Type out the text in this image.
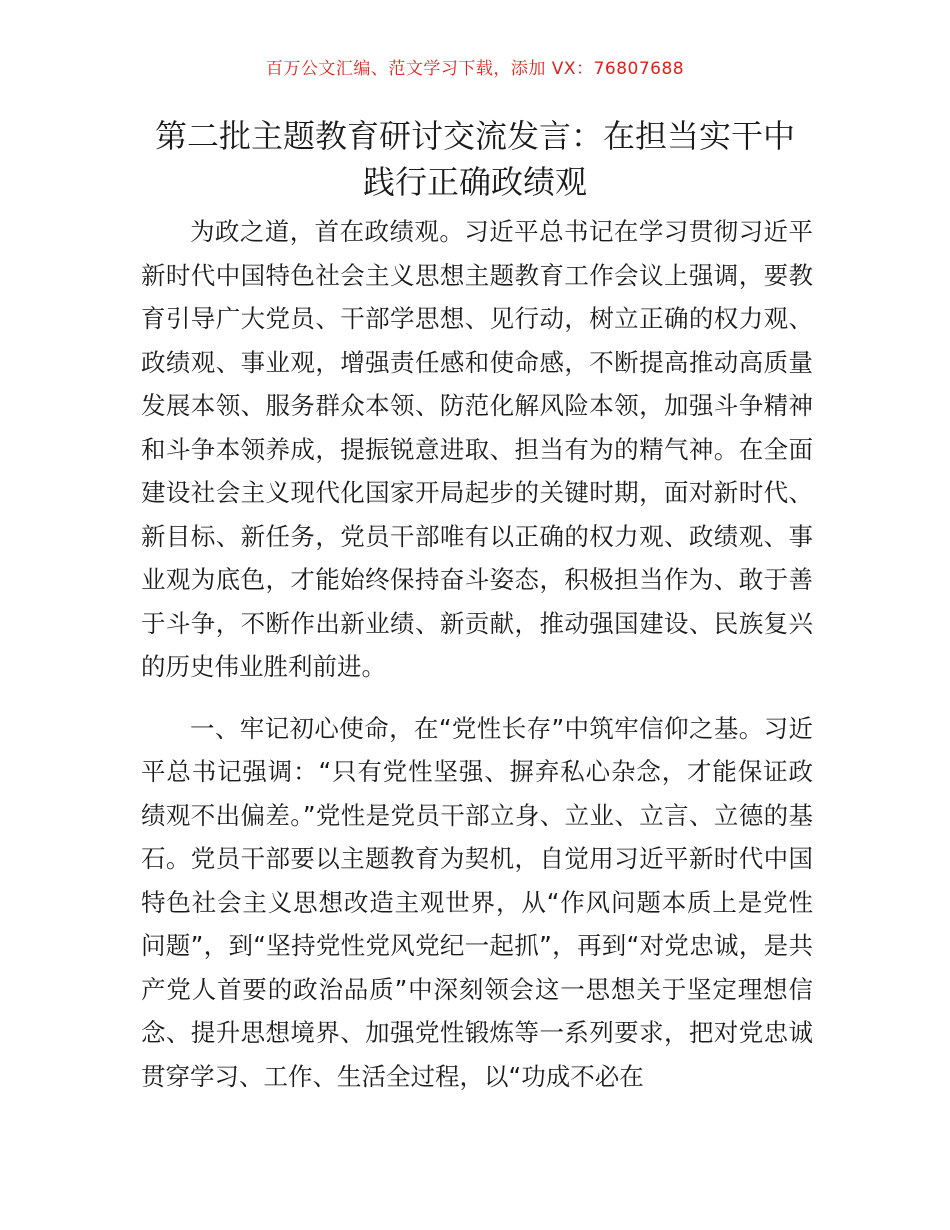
百万公文汇编、范文学习下载，添加 VX：76807688
第二批主题教育研讨交流发言：在担当实干中
践行正确政绩观

为政之道，首在政绩观。习近平总书记在学习贯彻习近平新时代中国特色社会主义思想主题教育工作会议上强调，要教育引导广大党员、干部学思想、见行动，树立正确的权力观、政绩观、事业观，增强责任感和使命感，不断提高推动高质量发展本领、服务群众本领、防范化解风险本领，加强斗争精神和斗争本领养成，提振锐意进取、担当有为的精气神。在全面建设社会主义现代化国家开局起步的关键时期，面对新时代、新目标、新任务，党员干部唯有以正确的权力观、政绩观、事业观为底色，才能始终保持奋斗姿态，积极担当作为、敢于善于斗争，不断作出新业绩、新贡献，推动强国建设、民族复兴的历史伟业胜利前进。

一、牢记初心使命，在“党性长存”中筑牢信仰之基。习近平总书记强调：“只有党性坚强、摒弃私心杂念，才能保证政绩观不出偏差。”党性是党员干部立身、立业、立言、立德的基石。党员干部要以主题教育为契机，自觉用习近平新时代中国特色社会主义思想改造主观世界，从“作风问题本质上是党性问题”，到“坚持党性党风党纪一起抓”，再到“对党忠诚，是共产党人首要的政治品质”中深刻领会这一思想关于坚定理想信念、提升思想境界、加强党性锻炼等一系列要求，把对党忠诚贯穿学习、工作、生活全过程，以“功成不必在
